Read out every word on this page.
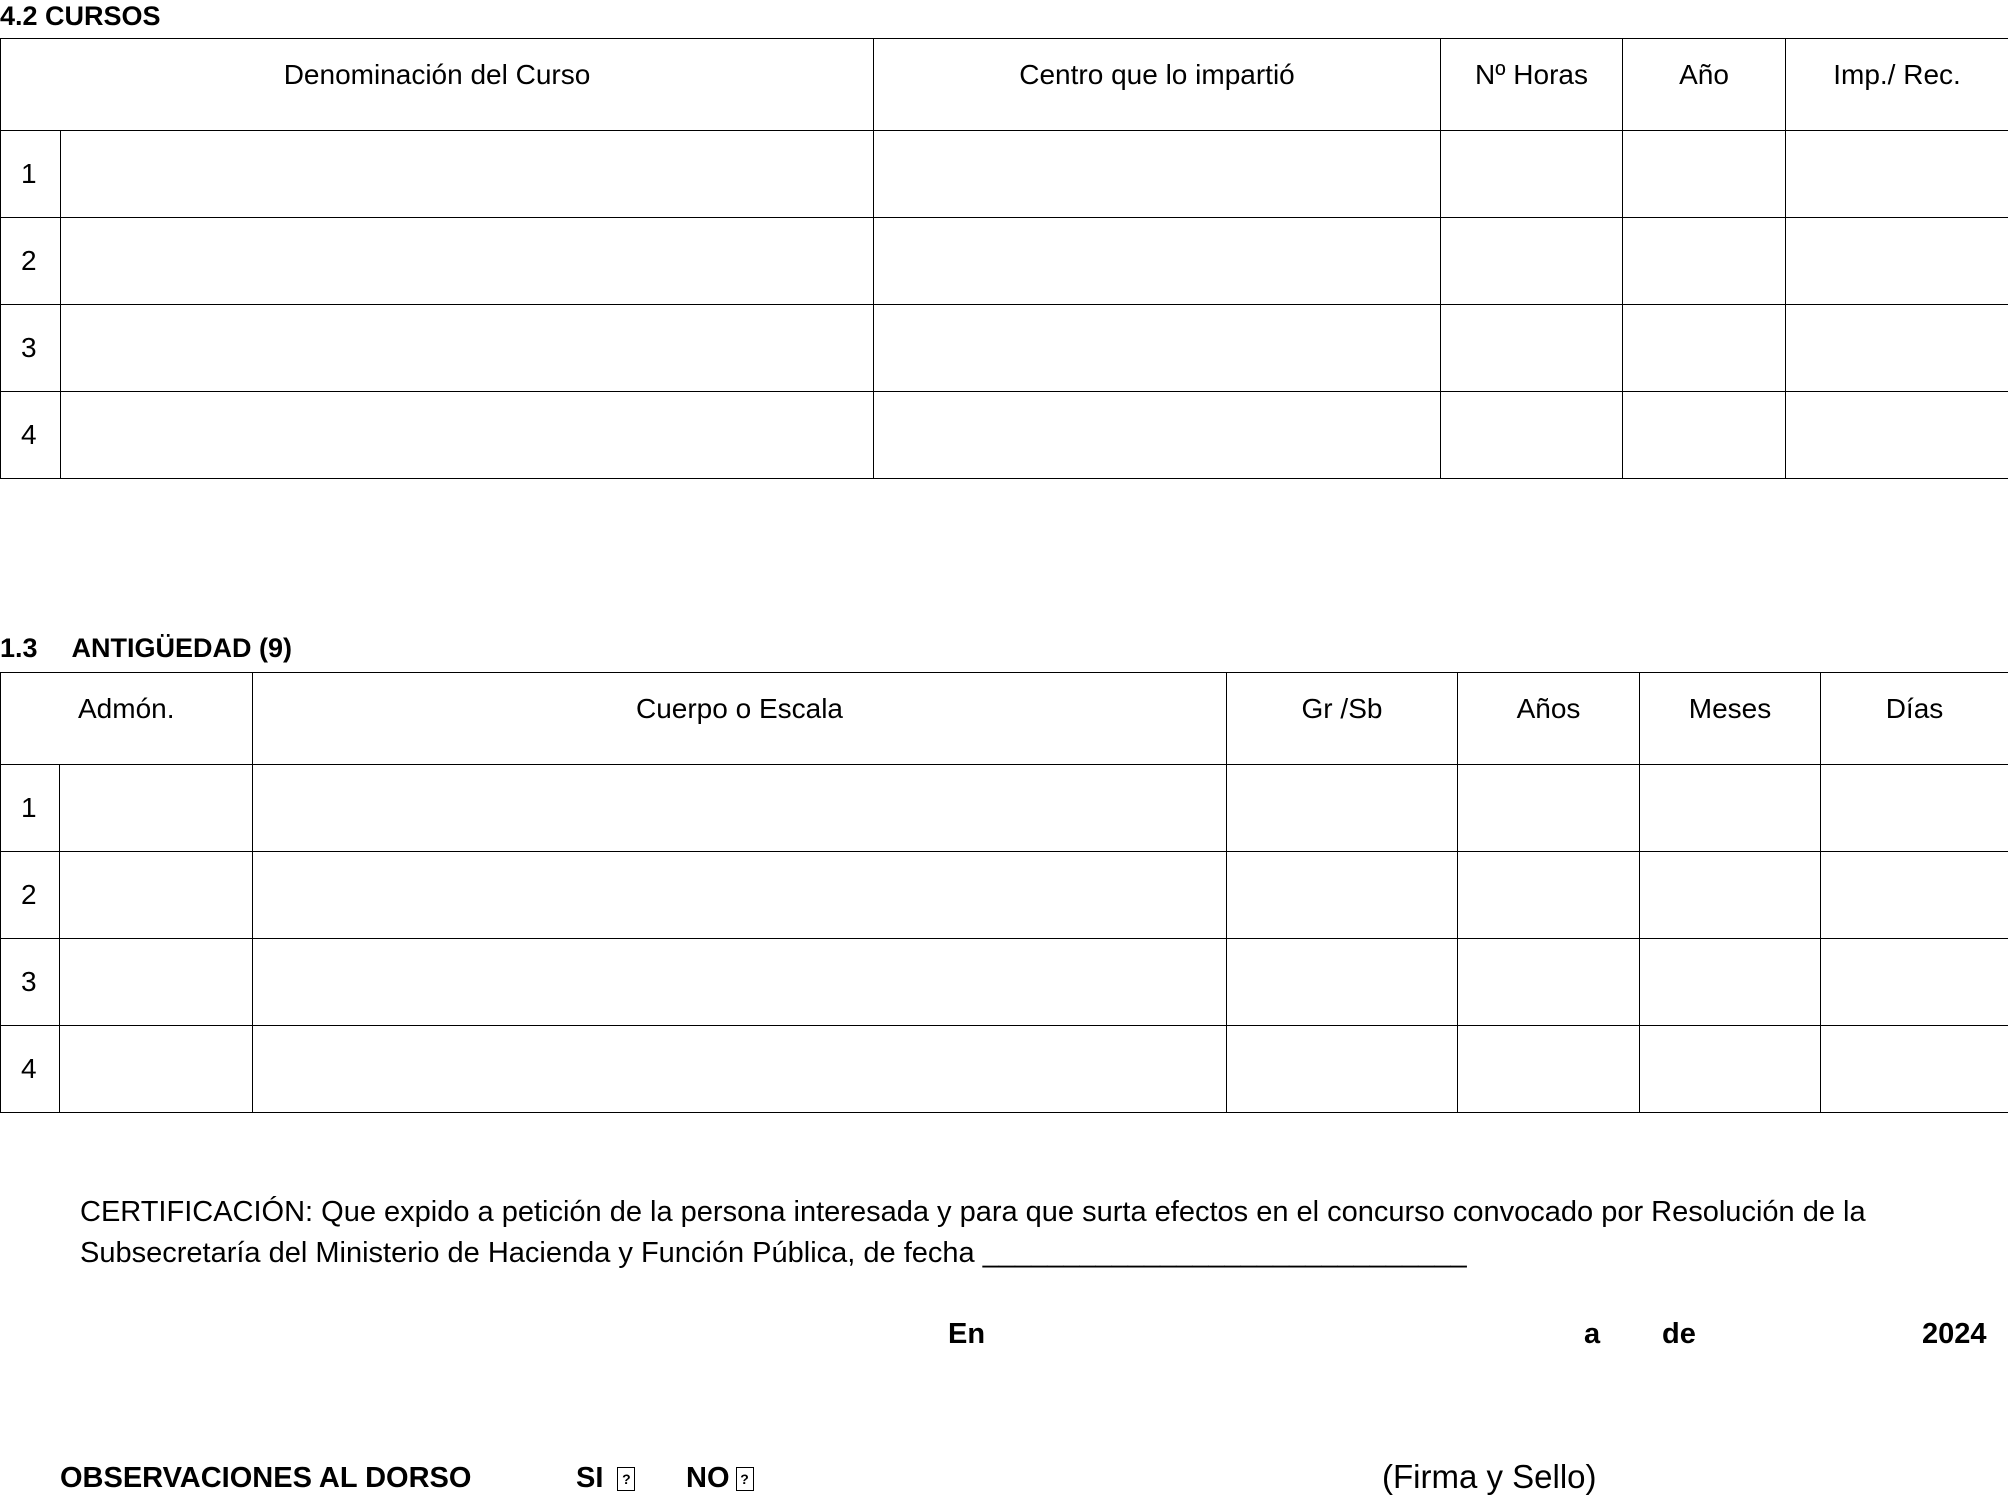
4.2 CURSOS
Denominación del Curso		Centro que lo impartió	Nº Horas	Año	Imp./ Rec.
1					
2					
3					
4					
1.3 ANTIGÜEDAD (9)
Admón.		Cuerpo o Escala	Gr /Sb	Años	Meses	Días
1						
2						
3						
4						
CERTIFICACIÓN: Que expido a petición de la persona interesada y para que surta efectos en el concurso convocado por Resolución de la Subsecretaría del Ministerio de Hacienda y Función Pública, de fecha ______________________________
En	a de	2024
OBSERVACIONES AL DORSO	SI ? NO ?	(Firma y Sello)
